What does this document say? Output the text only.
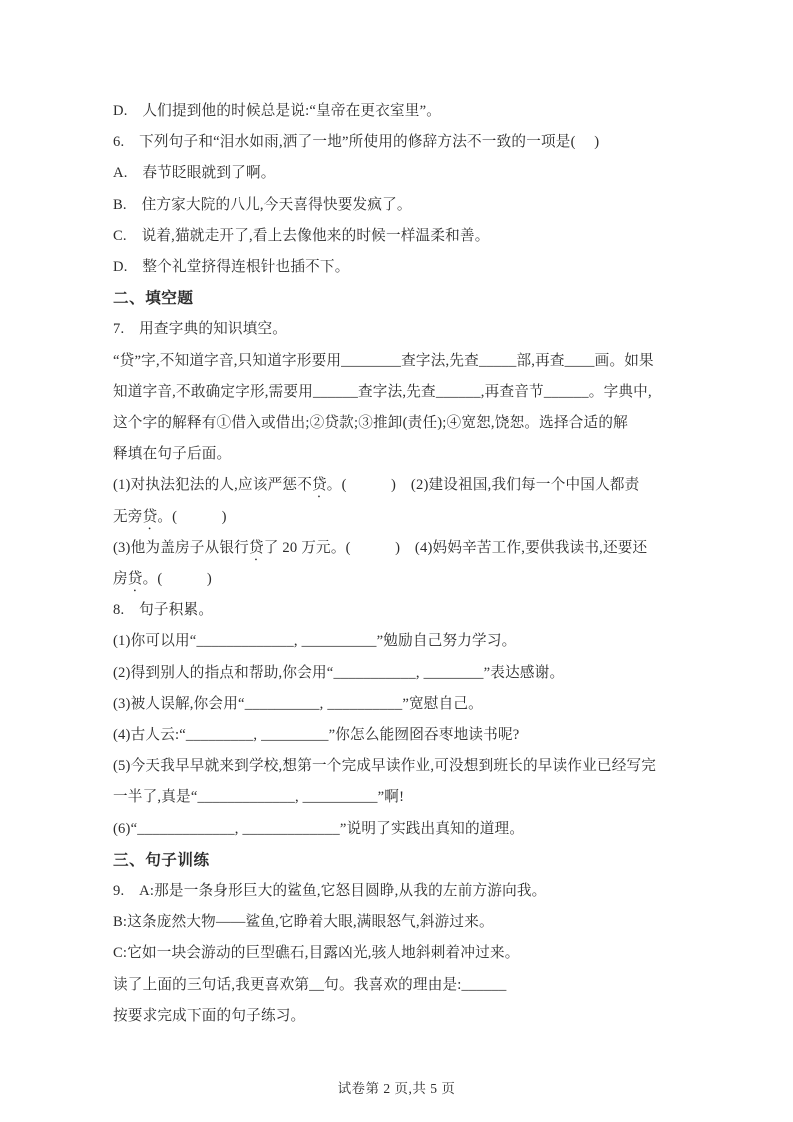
D.　人们提到他的时候总是说:“皇帝在更衣室里”。

6.　下列句子和“泪水如雨,洒了一地”所使用的修辞方法不一致的一项是(　 )

A.　春节眨眼就到了啊。

B.　住方家大院的八儿,今天喜得快要发疯了。

C.　说着,猫就走开了,看上去像他来的时候一样温柔和善。

D.　整个礼堂挤得连根针也插不下。

二、填空题

7.　用查字典的知识填空。

“贷”字,不知道字音,只知道字形要用________查字法,先查_____部,再查____画。如果

知道字音,不敢确定字形,需要用______查字法,先查______,再查音节______。字典中,

这个字的解释有①借入或借出;②贷款;③推卸(责任);④宽恕,饶恕。选择合适的解

释填在句子后面。

(1)对执法犯法的人,应该严惩不贷。(　　　)　(2)建设祖国,我们每一个中国人都责

无旁贷。(　　　)

(3)他为盖房子从银行贷了 20 万元。(　　　)　(4)妈妈辛苦工作,要供我读书,还要还

房贷。(　　　)

8.　句子积累。

(1)你可以用“_____________, __________”勉励自己努力学习。

(2)得到别人的指点和帮助,你会用“___________, ________”表达感谢。

(3)被人误解,你会用“__________, __________”宽慰自己。

(4)古人云:“_________, _________”你怎么能囫囵吞枣地读书呢?

(5)今天我早早就来到学校,想第一个完成早读作业,可没想到班长的早读作业已经写完

一半了,真是“_____________, __________”啊!

(6)“_____________, _____________”说明了实践出真知的道理。

三、句子训练

9.　A:那是一条身形巨大的鲨鱼,它怒目圆睁,从我的左前方游向我。

B:这条庞然大物——鲨鱼,它睁着大眼,满眼怒气,斜游过来。

C:它如一块会游动的巨型礁石,目露凶光,骇人地斜刺着冲过来。

读了上面的三句话,我更喜欢第__句。我喜欢的理由是:______

按要求完成下面的句子练习。

试卷第 2 页,共 5 页
